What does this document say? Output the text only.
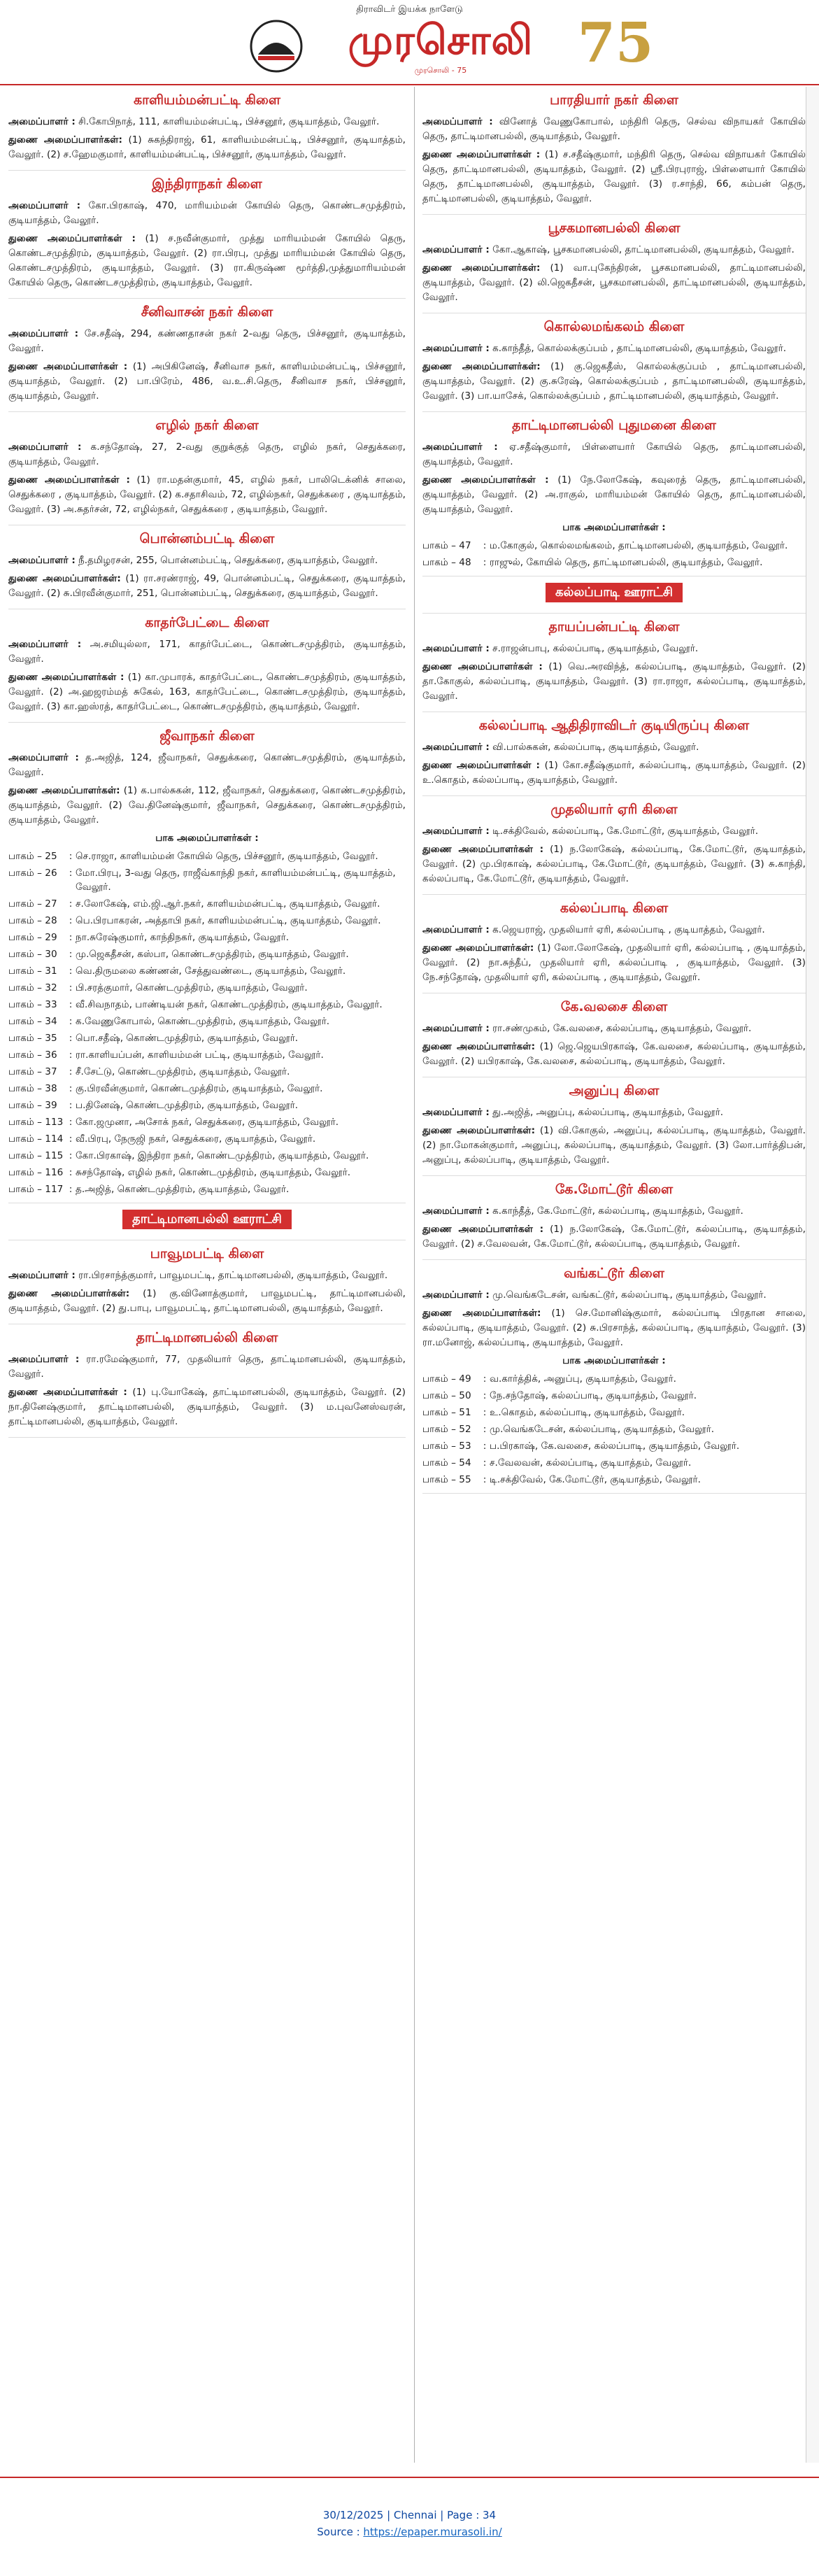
திராவிடர் இயக்க நாளேடு
முரசொலி
முரசொலி - 75	75
காளியம்மன்பட்டி கிளை

அமைப்பாளர் : சி.கோபிநாத், 111, காளியம்மன்பட்டி, பிச்சனூர், குடியாத்தம், வேலூர்.

துணை அமைப்பாளர்கள்: (1) சுகந்திராஜ், 61, காளியம்மன்பட்டி, பிச்சனூர், குடியாத்தம், வேலூர். (2) ச.ஹேமகுமார், காளியம்மன்பட்டி, பிச்சனூர், குடியாத்தம், வேலூர்.

இந்திராநகர் கிளை

அமைப்பாளர் : கோ.பிரகாஷ், 470, மாரியம்மன் கோயில் தெரு, கொண்டசமுத்திரம், குடியாத்தம், வேலூர்.

துணை அமைப்பாளர்கள் : (1) ச.நவீன்குமார், முத்து மாரியம்மன் கோயில் தெரு, கொண்டசமுத்திரம், குடியாத்தம், வேலூர். (2) ரா.பிரபு, முத்து மாரியம்மன் கோயில் தெரு, கொண்டசமுத்திரம், குடியாத்தம், வேலூர். (3) ரா.கிருஷ்ண மூர்த்தி,முத்துமாரியம்மன் கோயில் தெரு, கொண்டசமுத்திரம், குடியாத்தம், வேலூர்.

சீனிவாசன் நகர் கிளை

அமைப்பாளர் : சே.சதீஷ், 294, கண்ணதாசன் நகர் 2-வது தெரு, பிச்சனூர், குடியாத்தம், வேலூர்.

துணை அமைப்பாளர்கள் : (1) அபிகினேஷ், சீனிவாச நகர், காளியம்மன்பட்டி, பிச்சனூர், குடியாத்தம், வேலூர். (2) பா.பிரேம், 486, வ.உ.சி.தெரு, சீனிவாச நகர், பிச்சனூர், குடியாத்தம், வேலூர்.

எழில் நகர் கிளை

அமைப்பாளர் : க.சந்தோஷ், 27, 2-வது குறுக்குத் தெரு, எழில் நகர், செதுக்கரை, குடியாத்தம், வேலூர்.

துணை அமைப்பாளர்கள் : (1) ரா.மதன்குமார், 45, எழில் நகர், பாலிடெக்னிக் சாலை, செதுக்கரை , குடியாத்தம், வேலூர். (2) க.சதாசிவம், 72, எழில்நகர், செதுக்கரை , குடியாத்தம், வேலூர். (3) அ.சுதர்சன், 72, எழில்நகர், செதுக்கரை , குடியாத்தம், வேலூர்.

பொன்னம்பட்டி கிளை

அமைப்பாளர் : நீ.தமிழரசன், 255, பொன்னம்பட்டி, செதுக்கரை, குடியாத்தம், வேலூர்.

துணை அமைப்பாளர்கள்: (1) ரா.சரண்ராஜ், 49, பொன்னம்பட்டி, செதுக்கரை, குடியாத்தம், வேலூர். (2) சு.பிரவீன்குமார், 251, பொன்னம்பட்டி, செதுக்கரை, குடியாத்தம், வேலூர்.

காதர்பேட்டை கிளை

அமைப்பாளர் : அ.சமியுல்லா, 171, காதர்பேட்டை, கொண்டசமுத்திரம், குடியாத்தம், வேலூர்.

துணை அமைப்பாளர்கள் : (1) கா.முபாரக், காதர்பேட்டை, கொண்டசமுத்திரம், குடியாத்தம், வேலூர். (2) அ.ஹஜரம்மத் சுகேல், 163, காதர்பேட்டை, கொண்டசமுத்திரம், குடியாத்தம், வேலூர். (3) கா.ஹஸ்ரத், காதர்பேட்டை, கொண்டசமுத்திரம், குடியாத்தம், வேலூர்.

ஜீவாநகர் கிளை

அமைப்பாளர் : த.அஜித், 124, ஜீவாநகர், செதுக்கரை, கொண்டசமுத்திரம், குடியாத்தம், வேலூர்.

துணை அமைப்பாளர்கள்: (1) க.பால்சுகன், 112, ஜீவாநகர், செதுக்கரை, கொண்டசமுத்திரம், குடியாத்தம், வேலூர். (2) வே.தினேஷ்குமார், ஜீவாநகர், செதுக்கரை, கொண்டசமுத்திரம், குடியாத்தம், வேலூர்.

பாக அமைப்பாளர்கள் :
பாகம் – 25	:	செ.ராஜா, காளியம்மன் கோயில் தெரு, பிச்சனூர், குடியாத்தம், வேலூர்.
பாகம் – 26	:	மோ.பிரபு, 3-வது தெரு, ராஜீவ்காந்தி நகர், காளியம்மன்பட்டி, குடியாத்தம், வேலூர்.
பாகம் – 27	:	ச.லோகேஷ், எம்.ஜி.ஆர்.நகர், காளியம்மன்பட்டி, குடியாத்தம், வேலூர்.
பாகம் – 28	:	பெ.பிரபாகரன், அத்தாபி நகர், காளியம்மன்பட்டி, குடியாத்தம், வேலூர்.
பாகம் – 29	:	நா.சுரேஷ்குமார், காந்திநகர், குடியாத்தம், வேலூர்.
பாகம் – 30	:	மு.ஜெகதீசன், கஸ்பா, கொண்டசமுத்திரம், குடியாத்தம், வேலூர்.
பாகம் – 31	:	வெ.திருமலை கண்ணன், சேத்துவண்டை, குடியாத்தம், வேலூர்.
பாகம் – 32	:	பி.சரத்குமார், கொண்டமுத்திரம், குடியாத்தம், வேலூர்.
பாகம் – 33	:	வீ.சிவநாதம், பாண்டியன் நகர், கொண்டமுத்திரம், குடியாத்தம், வேலூர்.
பாகம் – 34	:	க.வேணுகோபால், கொண்டமுத்திரம், குடியாத்தம், வேலூர்.
பாகம் – 35	:	பொ.சதீஷ், கொண்டமுத்திரம், குடியாத்தம், வேலூர்.
பாகம் – 36	:	ரா.காளியப்பன், காளியம்மன் பட்டி, குடியாத்தம், வேலூர்.
பாகம் – 37	:	சீ.சேட்டு, கொண்டமுத்திரம், குடியாத்தம், வேலூர்.
பாகம் – 38	:	கு.பிரவீன்குமார், கொண்டமுத்திரம், குடியாத்தம், வேலூர்.
பாகம் – 39	:	ப.தினேஷ், கொண்டமுத்திரம், குடியாத்தம், வேலூர்.
பாகம் – 113	:	கோ.ஜமுனா, அசோக் நகர், செதுக்கரை, குடியாத்தம், வேலூர்.
பாகம் – 114	:	வீ.பிரபு, நேருஜி நகர், செதுக்கரை, குடியாத்தம், வேலூர்.
பாகம் – 115	:	கோ.பிரகாஷ், இந்திரா நகர், கொண்டமுத்திரம், குடியாத்தம், வேலூர்.
பாகம் – 116	:	சுசந்தோஷ், எழில் நகர், கொண்டமுத்திரம், குடியாத்தம், வேலூர்.
பாகம் – 117	:	த.அஜித், கொண்டமுத்திரம், குடியாத்தம், வேலூர்.
தாட்டிமானபல்லி ஊராட்சி
பாவூமபட்டி கிளை

அமைப்பாளர் : ரா.பிரசாந்த்குமார், பாவூமபட்டி, தாட்டிமானபல்லி, குடியாத்தம், வேலூர்.

துணை அமைப்பாளர்கள்: (1) கு.வினோத்குமார், பாவூமபட்டி, தாட்டிமானபல்லி, குடியாத்தம், வேலூர். (2) து.பாபு, பாவூமபட்டி, தாட்டிமானபல்லி, குடியாத்தம், வேலூர்.

தாட்டிமானபல்லி கிளை

அமைப்பாளர் : ரா.ரமேஷ்குமார், 77, முதலியார் தெரு, தாட்டிமானபல்லி, குடியாத்தம், வேலூர்.

துணை அமைப்பாளர்கள் : (1) பு.யோகேஷ், தாட்டிமானபல்லி, குடியாத்தம், வேலூர். (2) நா.தினேஷ்குமார், தாட்டிமானபல்லி, குடியாத்தம், வேலூர். (3) ம.புவனேஸ்வரன், தாட்டிமானபல்லி, குடியாத்தம், வேலூர்.

பாரதியார் நகர் கிளை

அமைப்பாளர் : வினோத் வேணுகோபால், மந்திரி தெரு, செல்வ விநாயகர் கோயில் தெரு, தாட்டிமானபல்லி, குடியாத்தம், வேலூர்.

துணை அமைப்பாளர்கள் : (1) ச.சதீஷ்குமார், மந்திரி தெரு, செல்வ விநாயகர் கோயில் தெரு, தாட்டிமானபல்லி, குடியாத்தம், வேலூர். (2) ஸ்ரீ.பிரபுராஜ், பிள்ளையார் கோயில் தெரு, தாட்டிமானபல்லி, குடியாத்தம், வேலூர். (3) ர.சாந்தி, 66, கம்பன் தெரு, தாட்டிமானபல்லி, குடியாத்தம், வேலூர்.

பூசகமானபல்லி கிளை

அமைப்பாளர் : கோ.ஆகாஷ், பூசகமானபல்லி, தாட்டிமானபல்லி, குடியாத்தம், வேலூர்.

துணை அமைப்பாளர்கள்: (1) வா.புகேந்திரன், பூசகமானபல்லி, தாட்டிமானபல்லி, குடியாத்தம், வேலூர். (2) லி.ஜெகதீசன், பூசகமானபல்லி, தாட்டிமானபல்லி, குடியாத்தம், வேலூர்.

கொல்லமங்கலம் கிளை

அமைப்பாளர் : க.காந்தீத், கொல்லக்குப்பம் , தாட்டிமானபல்லி, குடியாத்தம், வேலூர்.

துணை அமைப்பாளர்கள்: (1) கு.ஜெகதீஸ், கொல்லக்குப்பம் , தாட்டிமானபல்லி, குடியாத்தம், வேலூர். (2) கு.சுரேஷ், கொல்லக்குப்பம் , தாட்டிமானபல்லி, குடியாத்தம், வேலூர். (3) பா.யாசேக், கொல்லக்குப்பம் , தாட்டிமானபல்லி, குடியாத்தம், வேலூர்.

தாட்டிமானபல்லி புதுமனை கிளை

அமைப்பாளர் : ஏ.சதீஷ்குமார், பிள்ளையார் கோயில் தெரு, தாட்டிமானபல்லி, குடியாத்தம், வேலூர்.

துணை அமைப்பாளர்கள் : (1) நே.லோகேஷ், கவுரைத் தெரு, தாட்டிமானபல்லி, குடியாத்தம், வேலூர். (2) அ.ராகுல், மாரியம்மன் கோயில் தெரு, தாட்டிமானபல்லி, குடியாத்தம், வேலூர்.

பாக அமைப்பாளர்கள் :
பாகம் – 47	:	ம.கோகுல், கொல்லமங்கலம், தாட்டிமானபல்லி, குடியாத்தம், வேலூர்.
பாகம் – 48	:	ராஜுல், கோயில் தெரு, தாட்டிமானபல்லி, குடியாத்தம், வேலூர்.
கல்லப்பாடி ஊராட்சி
தாயப்பன்பட்டி கிளை

அமைப்பாளர் : ச.ராஜன்பாபு, கல்லப்பாடி, குடியாத்தம், வேலூர்.

துணை அமைப்பாளர்கள் : (1) வெ.அரவிந்த், கல்லப்பாடி, குடியாத்தம், வேலூர். (2) தா.கோகுல், கல்லப்பாடி, குடியாத்தம், வேலூர். (3) ரா.ராஜா, கல்லப்பாடி, குடியாத்தம், வேலூர்.

கல்லப்பாடி ஆதிதிராவிடர் குடியிருப்பு கிளை

அமைப்பாளர் : வி.பால்சுகன், கல்லப்பாடி, குடியாத்தம், வேலூர்.

துணை அமைப்பாளர்கள் : (1) கோ.சதீஷ்குமார், கல்லப்பாடி, குடியாத்தம், வேலூர். (2) உ.கொதம், கல்லப்பாடி, குடியாத்தம், வேலூர்.

முதலியார் ஏரி கிளை

அமைப்பாளர் : டி.சக்திவேல், கல்லப்பாடி, கே.மோட்டூர், குடியாத்தம், வேலூர்.

துணை அமைப்பாளர்கள் : (1) ந.லோகேஷ், கல்லப்பாடி, கே.மோட்டூர், குடியாத்தம், வேலூர். (2) மு.பிரகாஷ், கல்லப்பாடி, கே.மோட்டூர், குடியாத்தம், வேலூர். (3) சு.காந்தி, கல்லப்பாடி, கே.மோட்டூர், குடியாத்தம், வேலூர்.

கல்லப்பாடி கிளை

அமைப்பாளர் : க.ஜெயராஜ், முதலியார் ஏரி, கல்லப்பாடி , குடியாத்தம், வேலூர்.

துணை அமைப்பாளர்கள்: (1) லோ.லோகேஷ், முதலியார் ஏரி, கல்லப்பாடி , குடியாத்தம், வேலூர். (2) நா.சுந்தீப், முதலியார் ஏரி, கல்லப்பாடி , குடியாத்தம், வேலூர். (3) நே.சந்தோஷ், முதலியார் ஏரி, கல்லப்பாடி , குடியாத்தம், வேலூர்.

கே.வலசை கிளை

அமைப்பாளர் : ரா.சண்முகம், கே.வலசை, கல்லப்பாடி, குடியாத்தம், வேலூர்.

துணை அமைப்பாளர்கள்: (1) ஜெ.ஜெயபிரகாஷ், கே.வலசை, கல்லப்பாடி, குடியாத்தம், வேலூர். (2) யபிரகாஷ், கே.வலசை, கல்லப்பாடி, குடியாத்தம், வேலூர்.

அனுப்பு கிளை

அமைப்பாளர் : து.அஜித், அனுப்பு, கல்லப்பாடி, குடியாத்தம், வேலூர்.

துணை அமைப்பாளர்கள்: (1) வி.கோகுல், அனுப்பு, கல்லப்பாடி, குடியாத்தம், வேலூர். (2) நா.மோகன்குமார், அனுப்பு, கல்லப்பாடி, குடியாத்தம், வேலூர். (3) லோ.பார்த்திபன், அனுப்பு, கல்லப்பாடி, குடியாத்தம், வேலூர்.

கே.மோட்டூர் கிளை

அமைப்பாளர் : க.காந்தீத், கே.மோட்டூர், கல்லப்பாடி, குடியாத்தம், வேலூர்.

துணை அமைப்பாளர்கள் : (1) ந.லோகேஷ், கே.மோட்டூர், கல்லப்பாடி, குடியாத்தம், வேலூர். (2) ச.வேலவன், கே.மோட்டூர், கல்லப்பாடி, குடியாத்தம், வேலூர்.

வங்கட்டூர் கிளை

அமைப்பாளர் : மு.வெங்கடேசன், வங்கட்டூர், கல்லப்பாடி, குடியாத்தம், வேலூர்.

துணை அமைப்பாளர்கள்: (1) செ.மோனிஷ்குமார், கல்லப்பாடி பிரதான சாலை, கல்லப்பாடி, குடியாத்தம், வேலூர். (2) சு.பிரசாந்த், கல்லப்பாடி, குடியாத்தம், வேலூர். (3) ரா.மனோஜ், கல்லப்பாடி, குடியாத்தம், வேலூர்.

பாக அமைப்பாளர்கள் :
பாகம் – 49	:	வ.கார்த்திக், அனுப்பு, குடியாத்தம், வேலூர்.
பாகம் – 50	:	நே.சந்தோஷ், கல்லப்பாடி, குடியாத்தம், வேலூர்.
பாகம் – 51	:	உ.கொதம், கல்லப்பாடி, குடியாத்தம், வேலூர்.
பாகம் – 52	:	மு.வெங்கடேசன், கல்லப்பாடி, குடியாத்தம், வேலூர்.
பாகம் – 53	:	ப.பிரகாஷ், கே.வலசை, கல்லப்பாடி, குடியாத்தம், வேலூர்.
பாகம் – 54	:	ச.வேலவன், கல்லப்பாடி, குடியாத்தம், வேலூர்.
பாகம் – 55	:	டி.சக்திவேல், கே.மோட்டூர், குடியாத்தம், வேலூர்.
30/12/2025 | Chennai | Page : 34
Source : https://epaper.murasoli.in/
